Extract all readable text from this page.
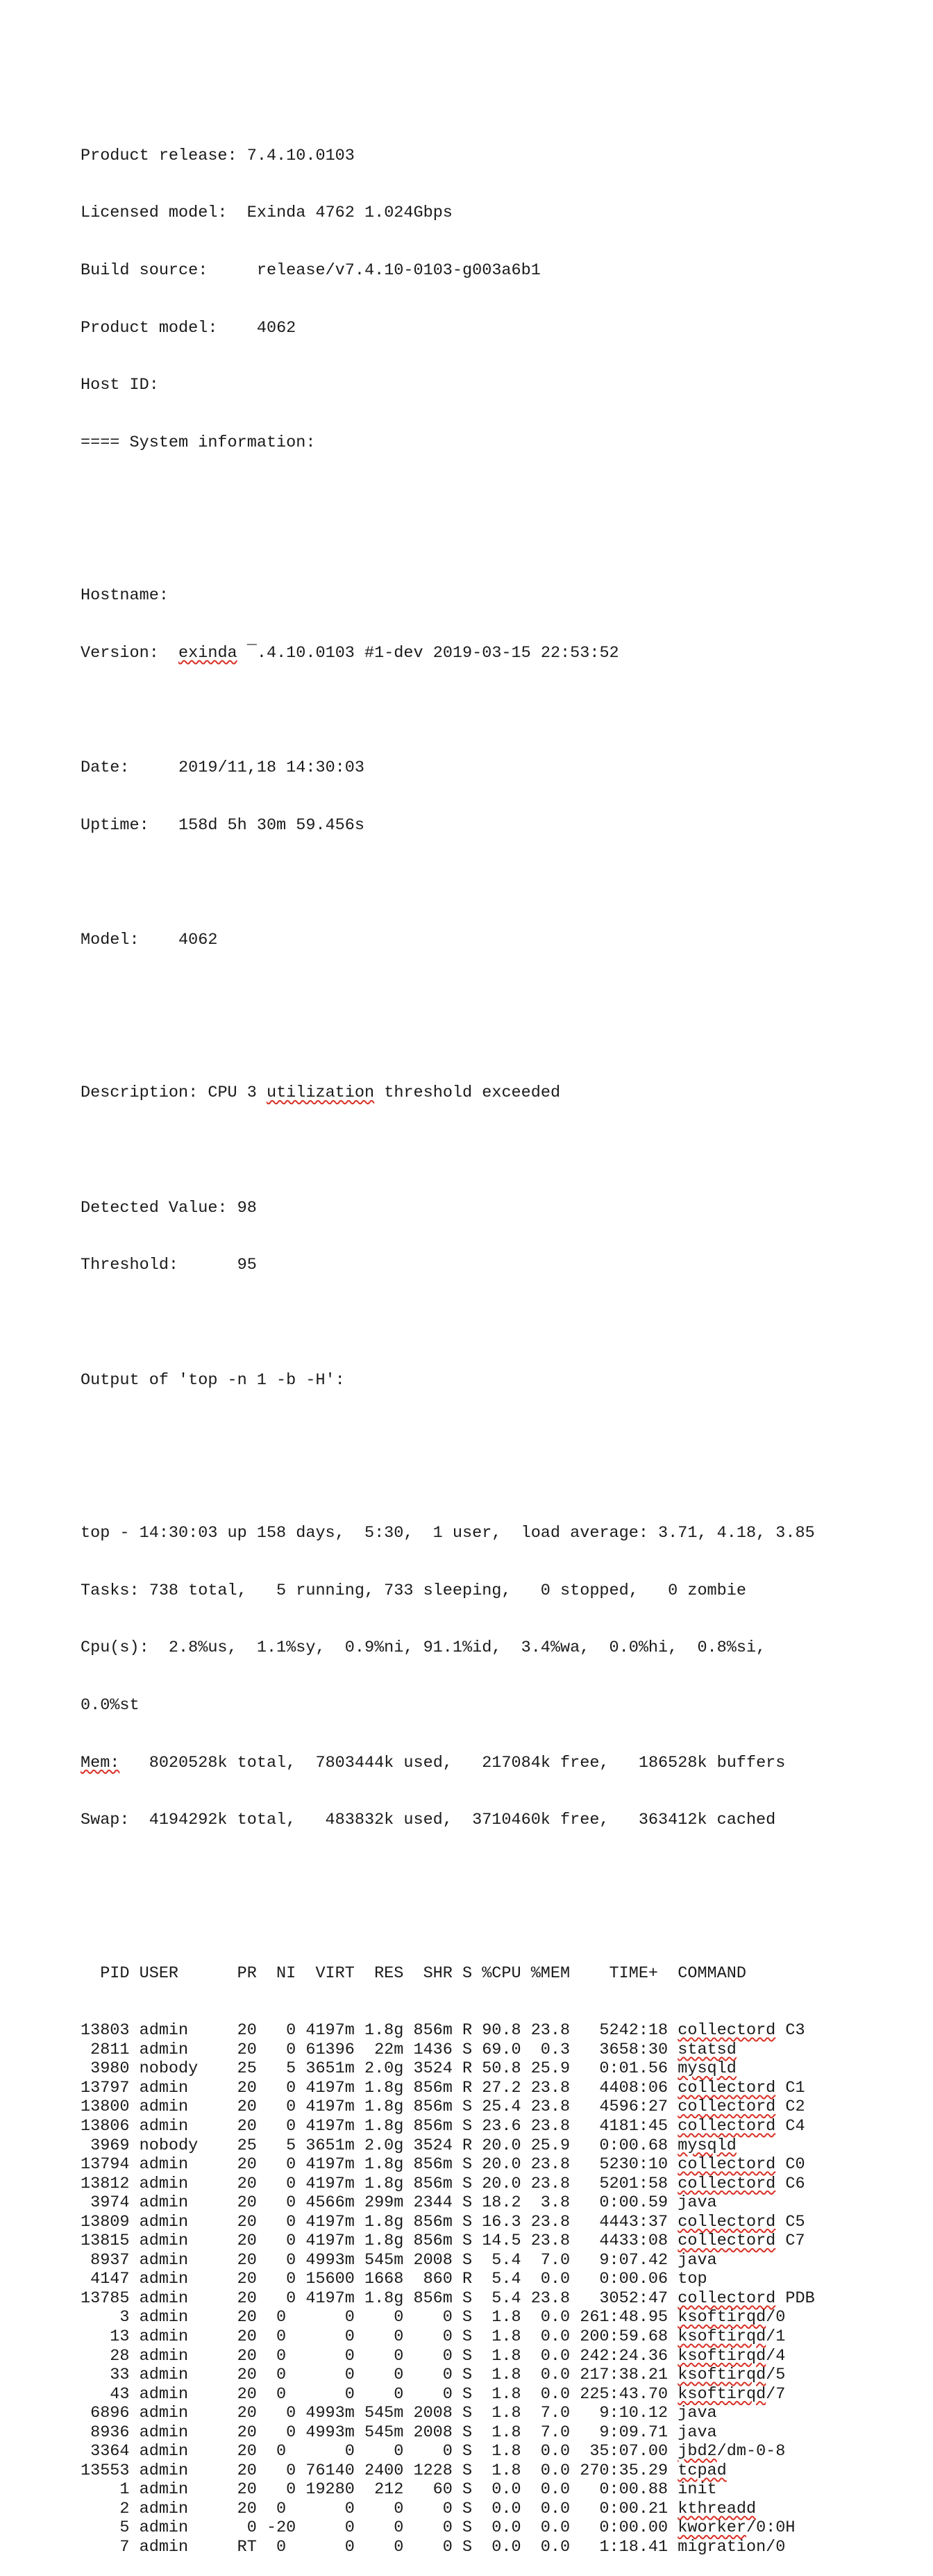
Product release: 7.4.10.0103

Licensed model: Exinda 4762 1.024Gbps

Build source:	release/v7.4.10-0103-g003a6b1

Product model: 4062

Host ID:

==== System information:

Hostname:

Version: exinda ¯.4.10.0103 #1-dev 2019-03-15 22:53:52

Date:	2019/11,18 14:30:03

Uptime: 158d 5h 30m 59.456s

Model: 4062

Description: CPU 3 utilization threshold exceeded

Detected Value: 98

Threshold:	95

Output of 'top -n 1 -b -H':

top - 14:30:03 up 158 days,  5:30,  1 user,  load average: 3.71, 4.18, 3.85

Tasks: 738 total,   5 running, 733 sleeping,   0 stopped,   0 zombie

Cpu(s):  2.8%us,  1.1%sy,  0.9%ni, 91.1%id,  3.4%wa,  0.0%hi,  0.8%si,

0.0%st

Mem:   8020528k total,  7803444k used,   217084k free,   186528k buffers

Swap:  4194292k total,   483832k used,  3710460k free,   363412k cached

PID USER      PR  NI  VIRT  RES  SHR S %CPU %MEM    TIME+  COMMAND

13803 admin     20   0 4197m 1.8g 856m R 90.8 23.8   5242:18 collectord C3
2811 admin     20   0 61396  22m 1436 S 69.0  0.3   3658:30 statsd
3980 nobody    25   5 3651m 2.0g 3524 R 50.8 25.9   0:01.56 mysqld
13797 admin     20   0 4197m 1.8g 856m R 27.2 23.8   4408:06 collectord C1
13800 admin     20   0 4197m 1.8g 856m S 25.4 23.8   4596:27 collectord C2
13806 admin     20   0 4197m 1.8g 856m S 23.6 23.8   4181:45 collectord C4
3969 nobody    25   5 3651m 2.0g 3524 R 20.0 25.9   0:00.68 mysqld
13794 admin     20   0 4197m 1.8g 856m S 20.0 23.8   5230:10 collectord C0
13812 admin     20   0 4197m 1.8g 856m S 20.0 23.8   5201:58 collectord C6
3974 admin     20   0 4566m 299m 2344 S 18.2  3.8   0:00.59 java
13809 admin     20   0 4197m 1.8g 856m S 16.3 23.8   4443:37 collectord C5
13815 admin     20   0 4197m 1.8g 856m S 14.5 23.8   4433:08 collectord C7
8937 admin     20   0 4993m 545m 2008 S  5.4  7.0   9:07.42 java
4147 admin     20   0 15600 1668  860 R  5.4  0.0   0:00.06 top
13785 admin     20   0 4197m 1.8g 856m S  5.4 23.8   3052:47 collectord PDB
3 admin     20  0      0    0    0 S  1.8  0.0 261:48.95 ksoftirqd/0
13 admin     20  0      0    0    0 S  1.8  0.0 200:59.68 ksoftirqd/1
28 admin     20  0      0    0    0 S  1.8  0.0 242:24.36 ksoftirqd/4
33 admin     20  0      0    0    0 S  1.8  0.0 217:38.21 ksoftirqd/5
43 admin     20  0      0    0    0 S  1.8  0.0 225:43.70 ksoftirqd/7
6896 admin     20   0 4993m 545m 2008 S  1.8  7.0   9:10.12 java
8936 admin     20   0 4993m 545m 2008 S  1.8  7.0   9:09.71 java
3364 admin     20  0      0    0    0 S  1.8  0.0  35:07.00 jbd2/dm-0-8
13553 admin     20   0 76140 2400 1228 S  1.8  0.0 270:35.29 tcpad
1 admin     20   0 19280  212   60 S  0.0  0.0   0:00.88 init
2 admin     20  0      0    0    0 S  0.0  0.0   0:00.21 kthreadd
5 admin      0 -20     0    0    0 S  0.0  0.0   0:00.00 kworker/0:0H
7 admin     RT  0      0    0    0 S  0.0  0.0   1:18.41 migration/0
